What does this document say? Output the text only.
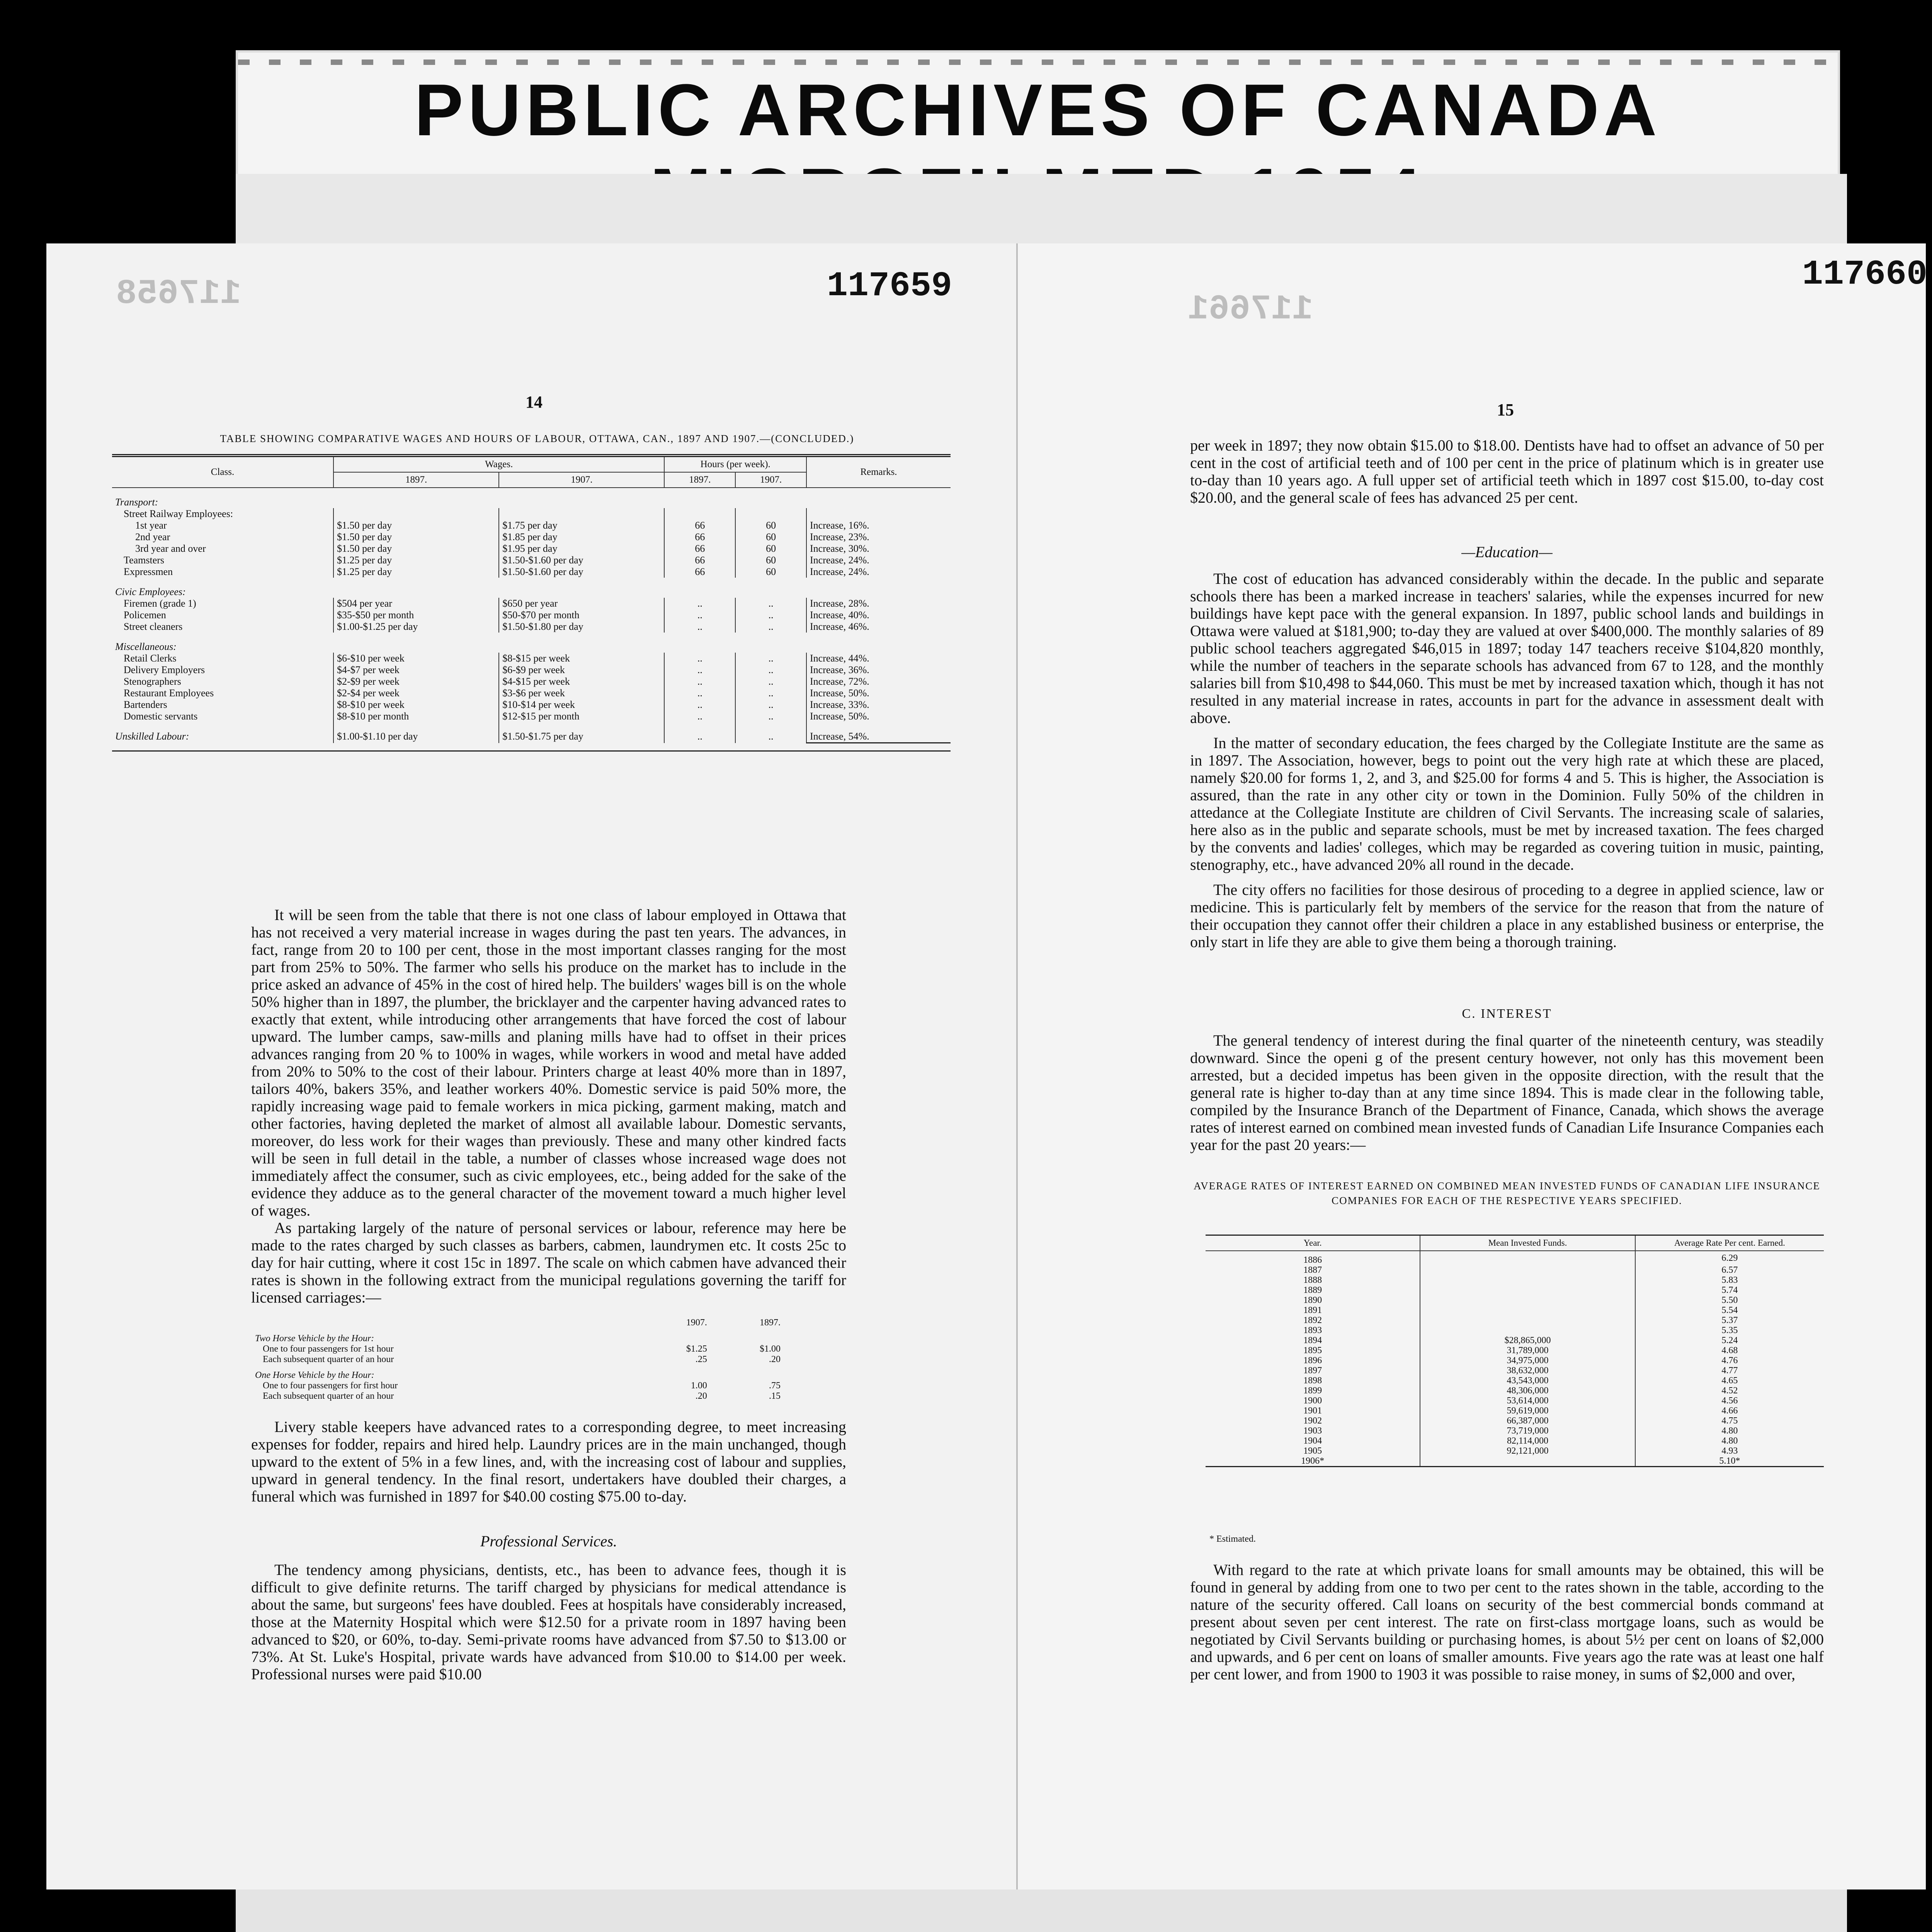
PUBLIC ARCHIVES OF CANADA
117658	117659
14
TABLE SHOWING COMPARATIVE WAGES AND HOURS OF LABOUR, OTTAWA, CAN., 1897 AND 1907.—(CONCLUDED.)
Class.	Wages.		Hours (per week).		Remarks.
	1897.	1907.	1897.	1907.	
Transport:					
Street Railway Employees:					
1st year	$1.50 per day	$1.75 per day	66	60	Increase, 16%.
2nd year	$1.50 per day	$1.85 per day	66	60	Increase, 23%.
3rd year and over	$1.50 per day	$1.95 per day	66	60	Increase, 30%.
Teamsters	$1.25 per day	$1.50-$1.60 per day	66	60	Increase, 24%.
Expressmen	$1.25 per day	$1.50-$1.60 per day	66	60	Increase, 24%.
Civic Employees:					
Firemen (grade 1)	$504 per year	$650 per year	..	..	Increase, 28%.
Policemen	$35-$50 per month	$50-$70 per month	..	..	Increase, 40%.
Street cleaners	$1.00-$1.25 per day	$1.50-$1.80 per day	..	..	Increase, 46%.
Miscellaneous:					
Retail Clerks	$6-$10 per week	$8-$15 per week	..	..	Increase, 44%.
Delivery Employers	$4-$7 per week	$6-$9 per week	..	..	Increase, 36%.
Stenographers	$2-$9 per week	$4-$15 per week	..	..	Increase, 72%.
Restaurant Employees	$2-$4 per week	$3-$6 per week	..	..	Increase, 50%.
Bartenders	$8-$10 per week	$10-$14 per week	..	..	Increase, 33%.
Domestic servants	$8-$10 per month	$12-$15 per month	..	..	Increase, 50%.
Unskilled Labour:	$1.00-$1.10 per day	$1.50-$1.75 per day	..	..	Increase, 54%.

It will be seen from the table that there is not one class of labour employed in Ottawa that has not received a very material increase in wages during the past ten years. The advances, in fact, range from 20 to 100 per cent, those in the most important classes ranging for the most part from 25% to 50%. The farmer who sells his produce on the market has to include in the price asked an advance of 45% in the cost of hired help. The builders' wages bill is on the whole 50% higher than in 1897, the plumber, the bricklayer and the carpenter having advanced rates to exactly that extent, while introducing other arrangements that have forced the cost of labour upward. The lumber camps, saw-mills and planing mills have had to offset in their prices advances ranging from 20 % to 100% in wages, while workers in wood and metal have added from 20% to 50% to the cost of their labour. Printers charge at least 40% more than in 1897, tailors 40%, bakers 35%, and leather workers 40%. Domestic service is paid 50% more, the rapidly increasing wage paid to female workers in mica picking, garment making, match and other factories, having depleted the market of almost all available labour. Domestic servants, moreover, do less work for their wages than previously. These and many other kindred facts will be seen in full detail in the table, a number of classes whose increased wage does not immediately affect the consumer, such as civic employees, etc., being added for the sake of the evidence they adduce as to the general character of the movement toward a much higher level of wages.

As partaking largely of the nature of personal services or labour, reference may here be made to the rates charged by such classes as barbers, cabmen, laundrymen etc. It costs 25c to day for hair cutting, where it cost 15c in 1897. The scale on which cabmen have advanced their rates is shown in the following extract from the municipal regulations governing the tariff for licensed carriages:—

	1907.	1897.
Two Horse Vehicle by the Hour:		
One to four passengers for 1st hour	$1.25	$1.00
Each subsequent quarter of an hour	.25	.20
One Horse Vehicle by the Hour:		
One to four passengers for first hour	1.00	.75
Each subsequent quarter of an hour	.20	.15

Livery stable keepers have advanced rates to a corresponding degree, to meet increasing expenses for fodder, repairs and hired help. Laundry prices are in the main unchanged, though upward to the extent of 5% in a few lines, and, with the increasing cost of labour and supplies, upward in general tendency. In the final resort, undertakers have doubled their charges, a funeral which was furnished in 1897 for $40.00 costing $75.00 to-day.

Professional Services.

The tendency among physicians, dentists, etc., has been to advance fees, though it is difficult to give definite returns. The tariff charged by physicians for medical attendance is about the same, but surgeons' fees have doubled. Fees at hospitals have considerably increased, those at the Maternity Hospital which were $12.50 for a private room in 1897 having been advanced to $20, or 60%, to-day. Semi-private rooms have advanced from $7.50 to $13.00 or 73%. At St. Luke's Hospital, private wards have advanced from $10.00 to $14.00 per week. Professional nurses were paid $10.00

117661
117660
15

per week in 1897; they now obtain $15.00 to $18.00. Dentists have had to offset an advance of 50 per cent in the cost of artificial teeth and of 100 per cent in the price of platinum which is in greater use to-day than 10 years ago. A full upper set of artificial teeth which in 1897 cost $15.00, to-day cost $20.00, and the general scale of fees has advanced 25 per cent.

—Education—

The cost of education has advanced considerably within the decade. In the public and separate schools there has been a marked increase in teachers' salaries, while the expenses incurred for new buildings have kept pace with the general expansion. In 1897, public school lands and buildings in Ottawa were valued at $181,900; to-day they are valued at over $400,000. The monthly salaries of 89 public school teachers aggregated $46,015 in 1897; today 147 teachers receive $104,820 monthly, while the number of teachers in the separate schools has advanced from 67 to 128, and the monthly salaries bill from $10,498 to $44,060. This must be met by increased taxation which, though it has not resulted in any material increase in rates, accounts in part for the advance in assessment dealt with above.

In the matter of secondary education, the fees charged by the Collegiate Institute are the same as in 1897. The Association, however, begs to point out the very high rate at which these are placed, namely $20.00 for forms 1, 2, and 3, and $25.00 for forms 4 and 5. This is higher, the Association is assured, than the rate in any other city or town in the Dominion. Fully 50% of the children in attedance at the Collegiate Institute are children of Civil Servants. The increasing scale of salaries, here also as in the public and separate schools, must be met by increased taxation. The fees charged by the convents and ladies' colleges, which may be regarded as covering tuition in music, painting, stenography, etc., have advanced 20% all round in the decade.

The city offers no facilities for those desirous of proceding to a degree in applied science, law or medicine. This is particularly felt by members of the service for the reason that from the nature of their occupation they cannot offer their children a place in any established business or enterprise, the only start in life they are able to give them being a thorough training.

C. INTEREST

The general tendency of interest during the final quarter of the nineteenth century, was steadily downward. Since the openi g of the present century however, not only has this movement been arrested, but a decided impetus has been given in the opposite direction, with the result that the general rate is higher to-day than at any time since 1894. This is made clear in the following table, compiled by the Insurance Branch of the Department of Finance, Canada, which shows the average rates of interest earned on combined mean invested funds of Canadian Life Insurance Companies each year for the past 20 years:—

AVERAGE RATES OF INTEREST EARNED ON COMBINED MEAN INVESTED FUNDS OF CANADIAN LIFE INSURANCE COMPANIES FOR EACH OF THE RESPECTIVE YEARS SPECIFIED.
Year.	Mean Invested Funds.	Average Rate Per cent. Earned.
1886		6.29
1887		6.57
1888		5.83
1889		5.74
1890		5.50
1891		5.54
1892		5.37
1893		5.35
1894	$28,865,000	5.24
1895	31,789,000	4.68
1896	34,975,000	4.76
1897	38,632,000	4.77
1898	43,543,000	4.65
1899	48,306,000	4.52
1900	53,614,000	4.56
1901	59,619,000	4.66
1902	66,387,000	4.75
1903	73,719,000	4.80
1904	82,114,000	4.80
1905	92,121,000	4.93
1906*		5.10*
* Estimated.

With regard to the rate at which private loans for small amounts may be obtained, this will be found in general by adding from one to two per cent to the rates shown in the table, according to the nature of the security offered. Call loans on security of the best commercial bonds command at present about seven per cent interest. The rate on first-class mortgage loans, such as would be negotiated by Civil Servants building or purchasing homes, is about 5½ per cent on loans of $2,000 and upwards, and 6 per cent on loans of smaller amounts. Five years ago the rate was at least one half per cent lower, and from 1900 to 1903 it was possible to raise money, in sums of $2,000 and over,
